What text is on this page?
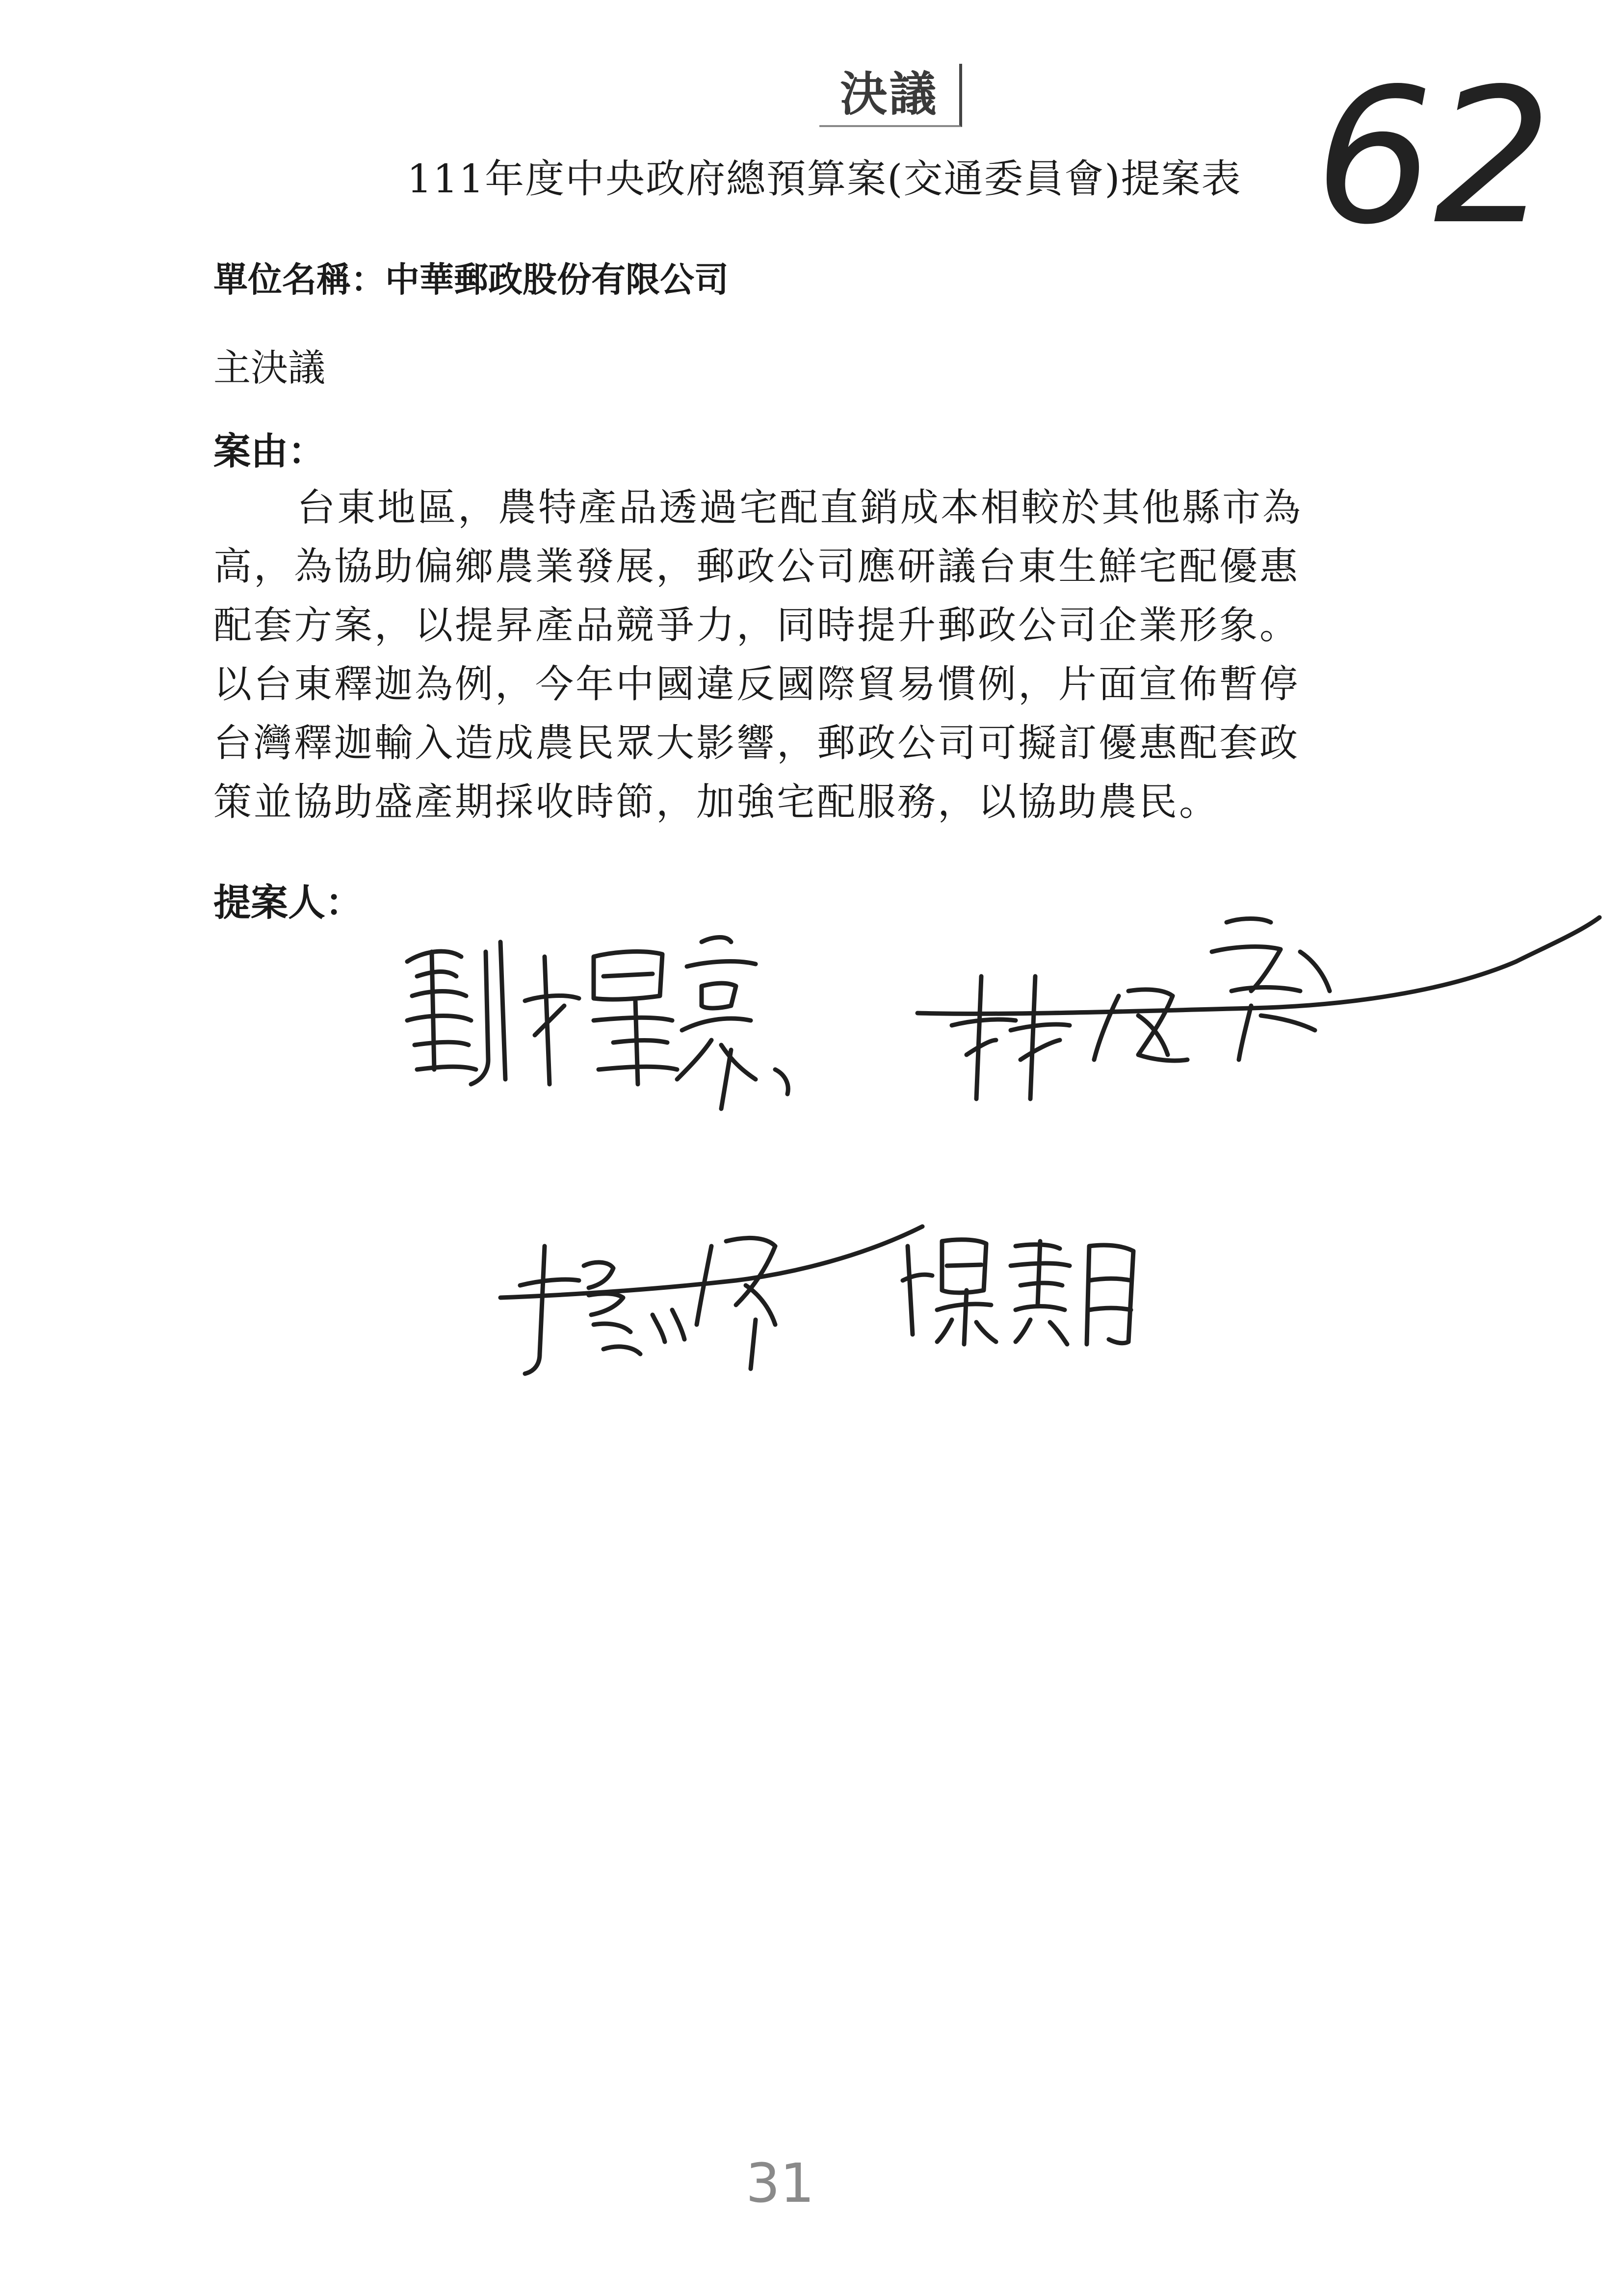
決議 62
111年度中央政府總預算案(交通委員會)提案表
單位名稱：中華郵政股份有限公司
主決議
案由：
台東地區，農特產品透過宅配直銷成本相較於其他縣市為
高，為協助偏鄉農業發展，郵政公司應研議台東生鮮宅配優惠
配套方案，以提昇產品競爭力，同時提升郵政公司企業形象。
以台東釋迦為例，今年中國違反國際貿易慣例，片面宣佈暫停
台灣釋迦輸入造成農民眾大影響，郵政公司可擬訂優惠配套政
策並協助盛產期採收時節，加強宅配服務，以協助農民。
提案人：
31
